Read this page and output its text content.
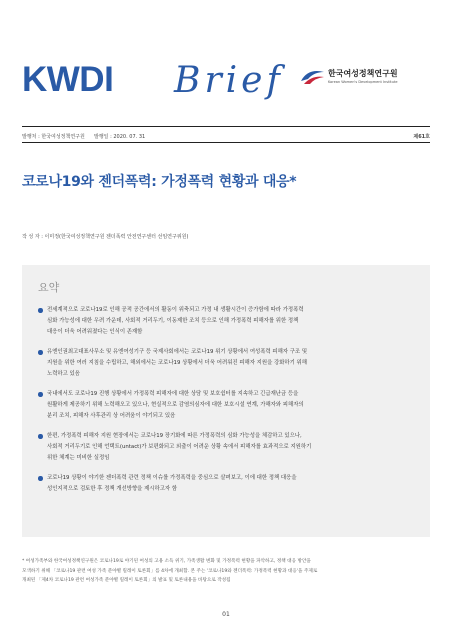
KWDI Brief	한국여성정책연구원
Korean Women's Development Institute
발행처 : 한국여성정책연구원 발행일 : 2020. 07. 31	제61호
코로나19와 젠더폭력: 가정폭력 현황과 대응*
작 성 자 : 이미정(한국여성정책연구원 젠더폭력 안전연구센터 선임연구위원)
요약
전세계적으로 코로나19로 인해 공적 공간에서의 활동이 위축되고 가정 내 생활시간이 증가함에 따라 가정폭력
심화 가능성에 대한 우려 가운데, 사회적 거리두기, 이동제한 조치 등으로 인해 가정폭력 피해자를 위한 정책
대응이 더욱 어려워졌다는 인식이 존재함
유엔인권최고대표사무소 및 유엔여성기구 등 국제사회에서는 코로나19 위기 상황에서 여성폭력 피해자 구조 및
지원을 위한 여러 지침을 수립하고, 해외에서는 코로나19 상황에서 더욱 어려워진 피해자 지원을 강화하기 위해
노력하고 있음
국내에서도 코로나19 진행 상황에서 가정폭력 피해자에 대한 상담 및 보호쉼터를 지속하고 긴급재난금 등을
원활하게 제공하기 위해 노력해오고 있으나, 현실적으로 감염의심자에 대한 보호시설 연계, 가해자와 피해자의
분리 조치, 피해자 사후관리 상 어려움이 야기되고 있음
한편, 가정폭력 피해자 지원 현장에서는 코로나19 장기화에 따른 가정폭력의 심화 가능성을 체감하고 있으나,
사회적 거리두기로 인해 언택트(untact)가 보편화되고 외출이 어려운 상황 속에서 피해자를 효과적으로 지원하기
위한 체계는 미비한 실정임
코로나19 상황이 야기한 젠더폭력 관련 정책 이슈를 가정폭력을 중심으로 살펴보고, 이에 대한 정책 대응을
성인지적으로 검토한 후 정책 개선방향을 제시하고자 함
* 여성가족부와 한국여성정책연구원은 코로나19로 야기된 여성의 고용 소득 위기, 가족생활 변화 및 가정폭력 현황을 파악하고, 정책 대응 방안을
모색하기 위해 「코로나19 관련 여성 가족 분야별 릴레이 토론회」를 4차에 개최함. 본 주는 '코로나19와 젠더폭력: 가정폭력 현황과 대응'을 주제로
개최된 「제4차 코로나19 관련 여성가족 분야별 릴레이 토론회」의 발표 및 토론내용을 바탕으로 작성됨
01
